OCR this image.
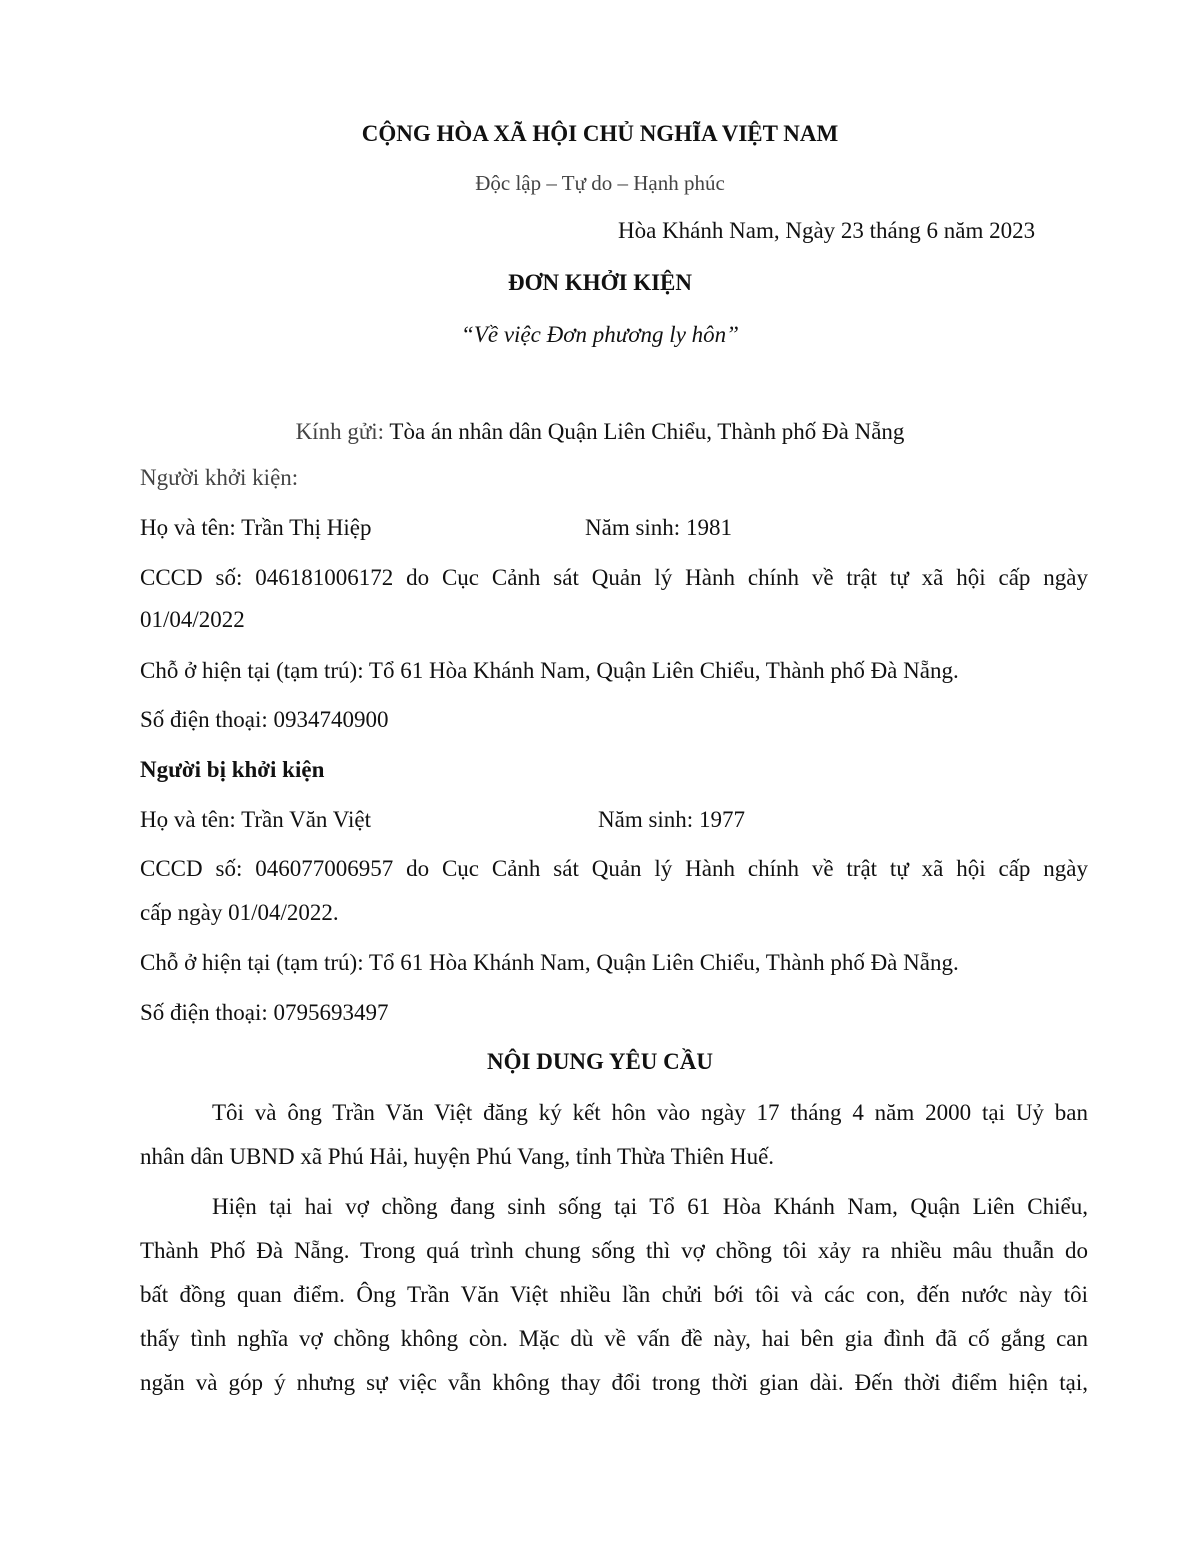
CỘNG HÒA XÃ HỘI CHỦ NGHĨA VIỆT NAM
Độc lập – Tự do – Hạnh phúc
Hòa Khánh Nam, Ngày 23 tháng 6 năm 2023
ĐƠN KHỞI KIỆN
“Về việc Đơn phương ly hôn”
Kính gửi: Tòa án nhân dân Quận Liên Chiểu, Thành phố Đà Nẵng
Người khởi kiện:
Họ và tên: Trần Thị Hiệp	Năm sinh: 1981
CCCD số: 046181006172 do Cục Cảnh sát Quản lý Hành chính về trật tự xã hội cấp ngày
01/04/2022
Chỗ ở hiện tại (tạm trú): Tổ 61 Hòa Khánh Nam, Quận Liên Chiểu, Thành phố Đà Nẵng.
Số điện thoại: 0934740900
Người bị khởi kiện
Họ và tên: Trần Văn Việt	Năm sinh: 1977
CCCD số: 046077006957 do Cục Cảnh sát Quản lý Hành chính về trật tự xã hội cấp ngày
cấp ngày 01/04/2022.
Chỗ ở hiện tại (tạm trú): Tổ 61 Hòa Khánh Nam, Quận Liên Chiểu, Thành phố Đà Nẵng.
Số điện thoại: 0795693497
NỘI DUNG YÊU CẦU
Tôi và ông Trần Văn Việt đăng ký kết hôn vào ngày 17 tháng 4 năm 2000 tại Uỷ ban
nhân dân UBND xã Phú Hải, huyện Phú Vang, tỉnh Thừa Thiên Huế.
Hiện tại hai vợ chồng đang sinh sống tại Tổ 61 Hòa Khánh Nam, Quận Liên Chiểu,
Thành Phố Đà Nẵng. Trong quá trình chung sống thì vợ chồng tôi xảy ra nhiều mâu thuẫn do
bất đồng quan điểm. Ông Trần Văn Việt nhiều lần chửi bới tôi và các con, đến nước này tôi
thấy tình nghĩa vợ chồng không còn. Mặc dù về vấn đề này, hai bên gia đình đã cố gắng can
ngăn và góp ý nhưng sự việc vẫn không thay đổi trong thời gian dài. Đến thời điểm hiện tại,
